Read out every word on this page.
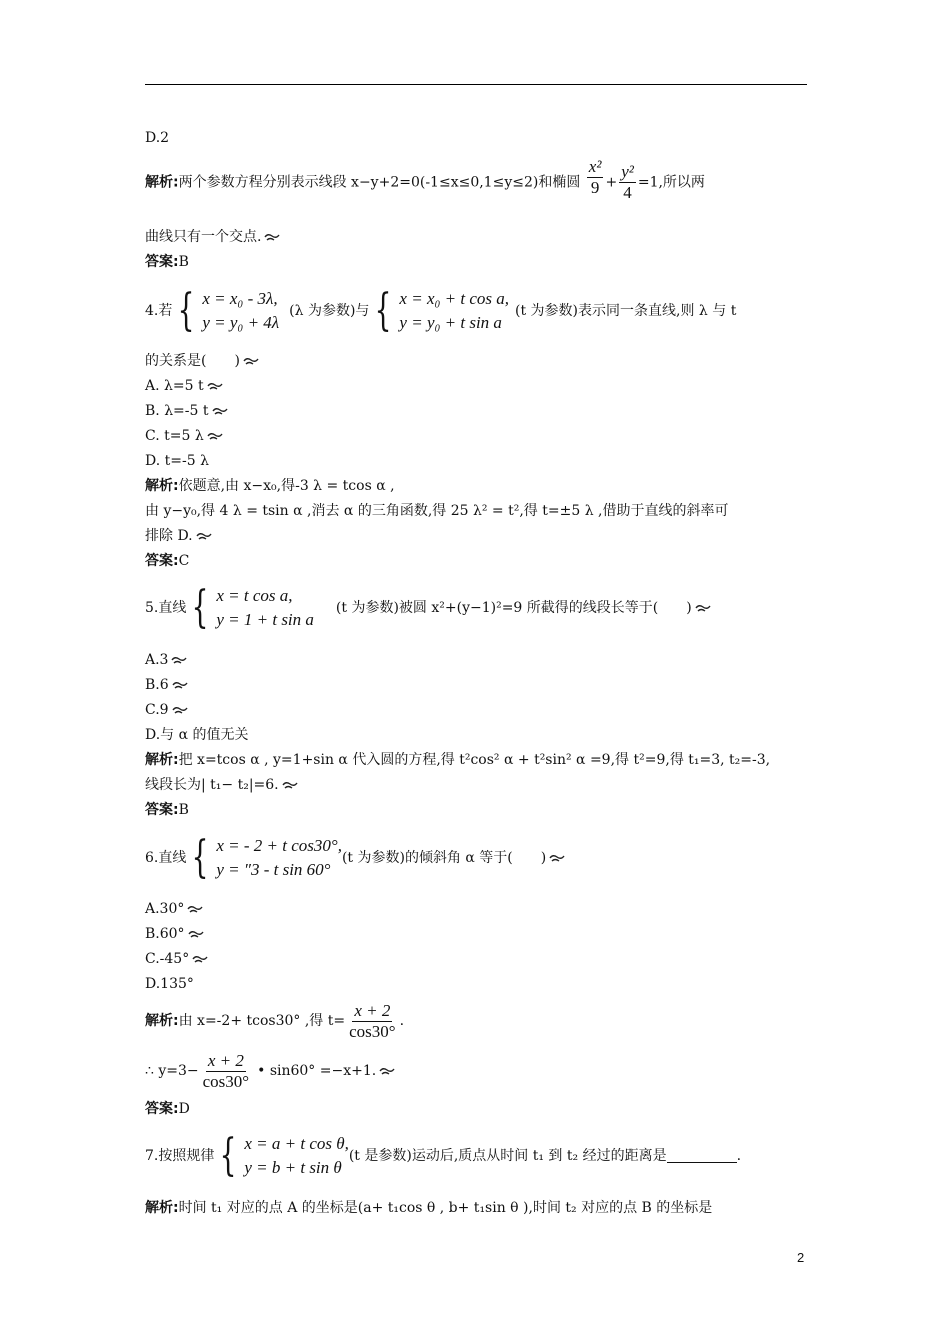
D.2
解析:两个参数方程分别表示线段 x−y+2=0(-1≤x≤0,1≤y≤2)和椭圆 $\frac{\text{x²}}{9} + \frac{\text{y²}}{4} =1$,所以两
曲线只有一个交点.
答案:B
4.若 { x = x₀ - 3λ,
y = y₀ + 4λ
(λ 为参数)与 { x = x₀ + t cos a,
y = y₀ + t sin a
(t 为参数)表示同一条直线,则 λ 与 t
的关系是(　　)
A. λ=5 t
B. λ=-5 t
C. t=5 λ
D. t=-5 λ
解析:依题意,由 x−x₀,得-3 λ = tcos α ,
由 y−y₀,得 4 λ = tsin α ,消去 α 的三角函数,得 25 λ² = t²,得 t=±5 λ ,借助于直线的斜率可
排除 D.
答案:C
5.直线 { x = t cos a,
y = 1 + t sin a
(t 为参数)被圆 x²+(y−1)²=9 所截得的线段长等于(　　)
A.3
B.6
C.9
D.与 α 的值无关
解析:把 x=tcos α , y=1+sin α 代入圆的方程,得 t²cos² α + t²sin² α =9,得 t²=9,得 t₁=3, t₂=-3,
线段长为| t₁− t₂|=6.
答案:B
6.直线 { x = - 2 + t cos30°,
y = ″3 - t sin 60°
(t 为参数)的倾斜角 α 等于(　　)
A.30°
B.60°
C.-45°
D.135°
解析: 由 x=-2+ tcos30° ,得 $t= \frac{x + 2}{\cos 30^\circ}$ .
∴ $y=3- \frac{x + 2}{\cos 30^\circ}$ • sin60° =−x+1.
答案:D
7.按照规律 { x = a + t cos θ,
y = b + t sin θ
(t 是参数)运动后,质点从时间 t₁ 到 t₂ 经过的距离是	.
解析:时间 t₁ 对应的点 A 的坐标是(a+ t₁cos θ , b+ t₁sin θ ),时间 t₂ 对应的点 B 的坐标是
2
